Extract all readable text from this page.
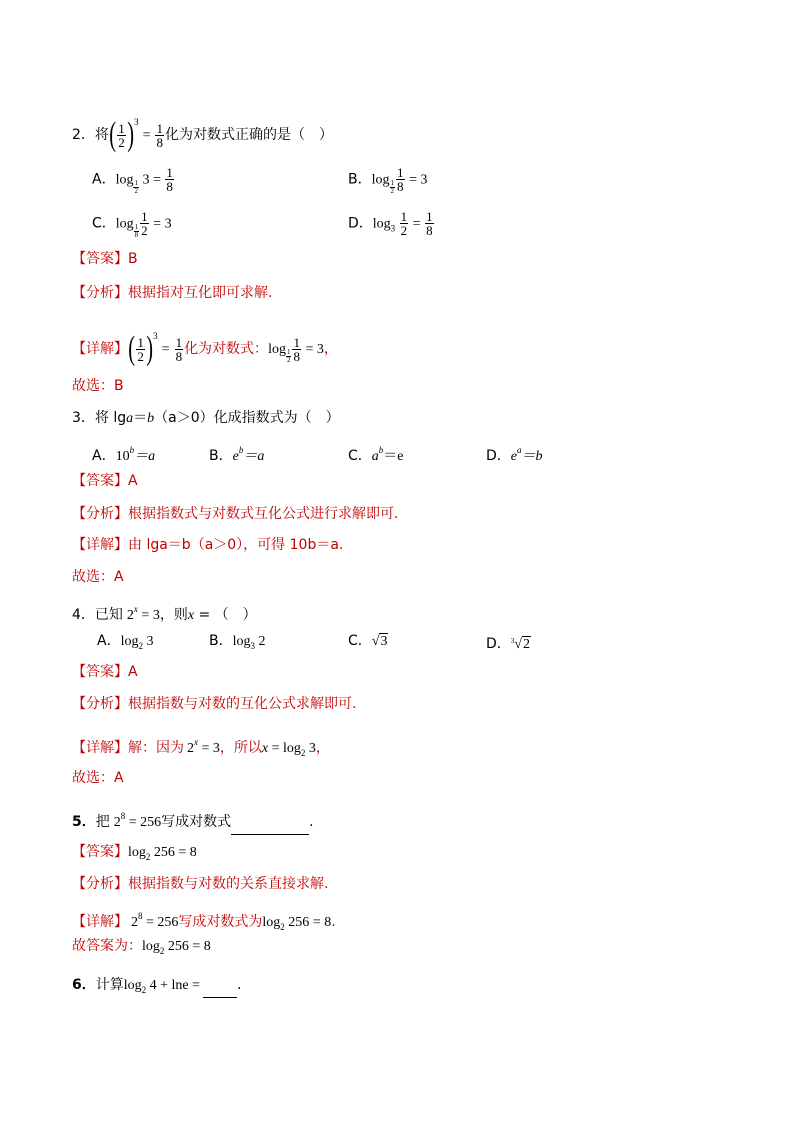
2．将( $\frac{1}{2} )^3= \frac{1}{8}$ 化为对数式正确的是（　）
A．$\log \frac{1}{2} 3 = \frac{1}{8}$	B．$\log \frac{1}{2} \frac{1}{8} = 3$
C．$\log \frac{1}{8} \frac{1}{2} = 3$	D．$\log_3 \frac{1}{2} = \frac{1}{8}$
【答案】B
【分析】根据指对互化即可求解.
【详解】( $\frac{1}{2} )^3= \frac{1}{8}$ 化为对数式：$\log \frac{1}{2} \frac{1}{8} = 3$，
故选：B
3．将 lga＝b（a＞0）化成指数式为（　）
A．$10^b=a$	B．$e^b=a$	C．$a^b=e$	D．$e^a=b$
【答案】A
【分析】根据指数式与对数式互化公式进行求解即可.
【详解】由 lga＝b（a＞0），可得 10b＝a.
故选：A
4．已知 $2^x = 3$，则x = （　）
A．$\log_2 3$	B．$\log_3 2$	C．√3	D．$^3$√2
【答案】A
【分析】根据指数与对数的互化公式求解即可.
【详解】解：因为 $2^x = 3$，所以$x = \log_2 3$，
故选：A
5．把 $2^8 = 256$写成对数式	.
【答案】$\log_2 256 = 8$
【分析】根据指数与对数的关系直接求解.
【详解】 $2^8 = 256$写成对数式为$\log_2 256 = 8$.
故答案为：$\log_2 256 = 8$
6．计算$\log_2 4 + \ln e$ =	.
